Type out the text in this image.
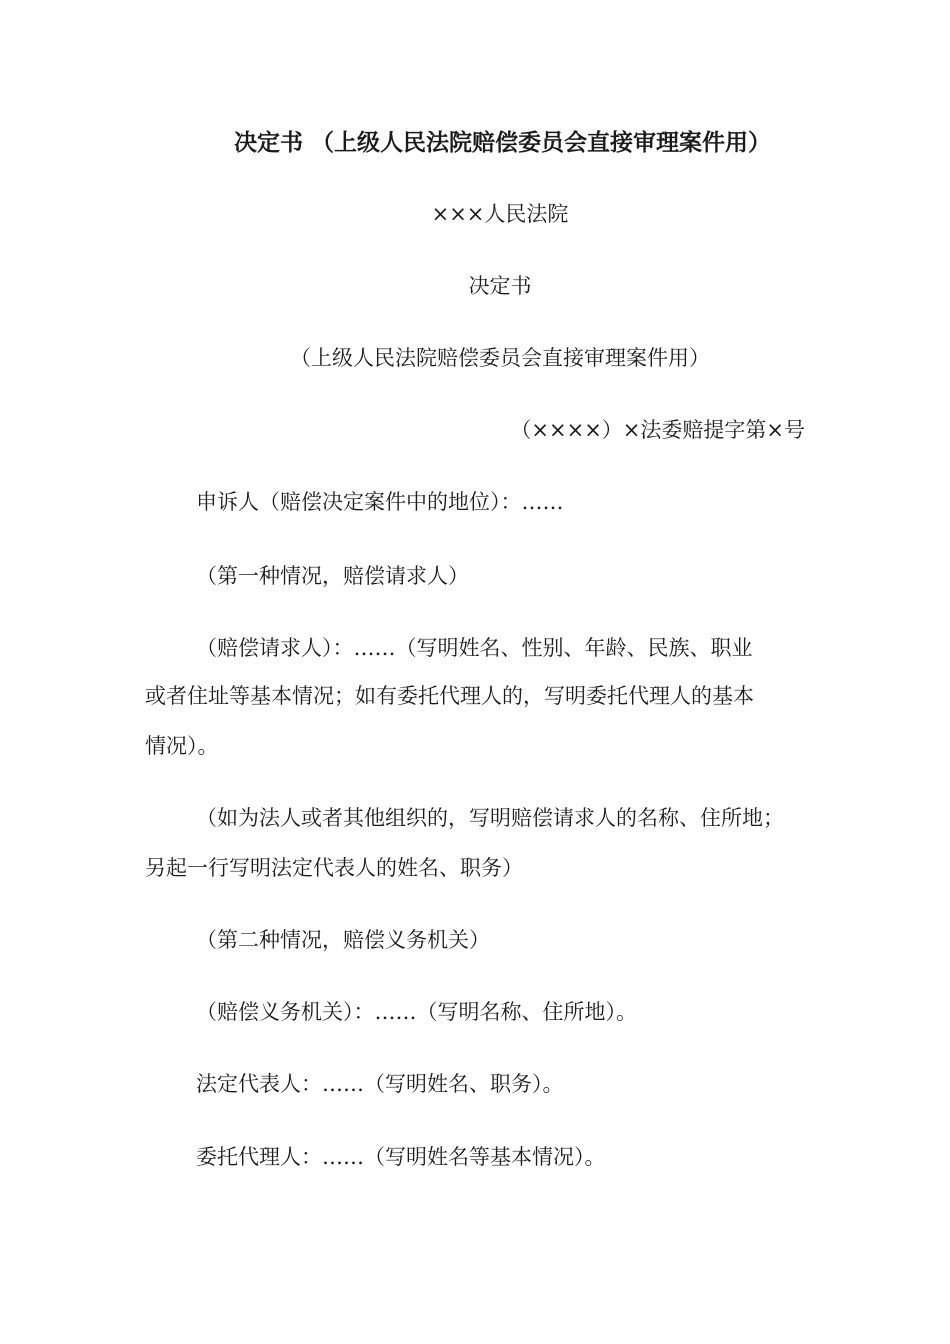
决定书 （上级人民法院赔偿委员会直接审理案件用）
×××人民法院
决定书
（上级人民法院赔偿委员会直接审理案件用）
（××××）×法委赔提字第×号
申诉人（赔偿决定案件中的地位）：……
（第一种情况，赔偿请求人）
（赔偿请求人）：……（写明姓名、性别、年龄、民族、职业
或者住址等基本情况；如有委托代理人的，写明委托代理人的基本
情况）。
（如为法人或者其他组织的，写明赔偿请求人的名称、住所地；
另起一行写明法定代表人的姓名、职务）
（第二种情况，赔偿义务机关）
（赔偿义务机关）：……（写明名称、住所地）。
法定代表人：……（写明姓名、职务）。
委托代理人：……（写明姓名等基本情况）。
